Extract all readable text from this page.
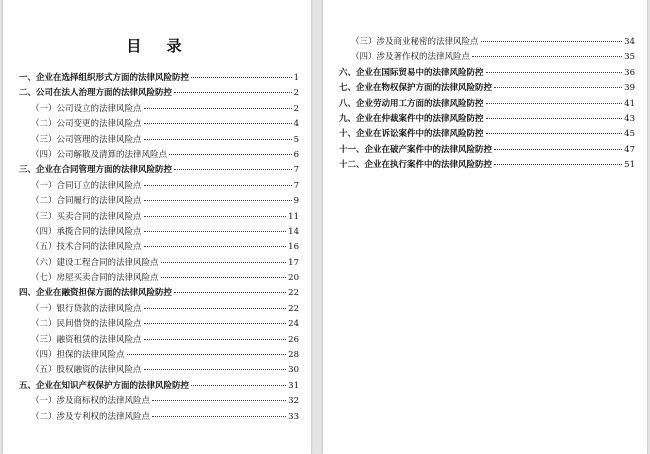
目 录
一、企业在选择组织形式方面的法律风险防控	1
二、公司在法人治理方面的法律风险防控	2
（一）公司设立的法律风险点	2
（二）公司变更的法律风险点	4
（三）公司管理的法律风险点	5
（四）公司解散及清算的法律风险点	6
三、企业在合同管理方面的法律风险防控	7
（一）合同订立的法律风险点	7
（二）合同履行的法律风险点	9
（三）买卖合同的法律风险点	11
（四）承揽合同的法律风险点	14
（五）技术合同的法律风险点	16
（六）建设工程合同的法律风险点	17
（七）房屋买卖合同的法律风险点	20
四、企业在融资担保方面的法律风险防控	22
（一）银行贷款的法律风险点	22
（二）民间借贷的法律风险点	24
（三）融资租赁的法律风险点	26
（四）担保的法律风险点	28
（五）股权融资的法律风险点	30
五、企业在知识产权保护方面的法律风险防控	31
（一）涉及商标权的法律风险点	32
（二）涉及专利权的法律风险点	33
（三）涉及商业秘密的法律风险点	34
（四）涉及著作权的法律风险点	35
六、企业在国际贸易中的法律风险防控	36
七、企业在物权保护方面的法律风险防控	39
八、企业劳动用工方面的法律风险防控	41
九、企业在仲裁案件中的法律风险防控	43
十、企业在诉讼案件中的法律风险防控	45
十一、企业在破产案件中的法律风险防控	47
十二、企业在执行案件中的法律风险防控	51
